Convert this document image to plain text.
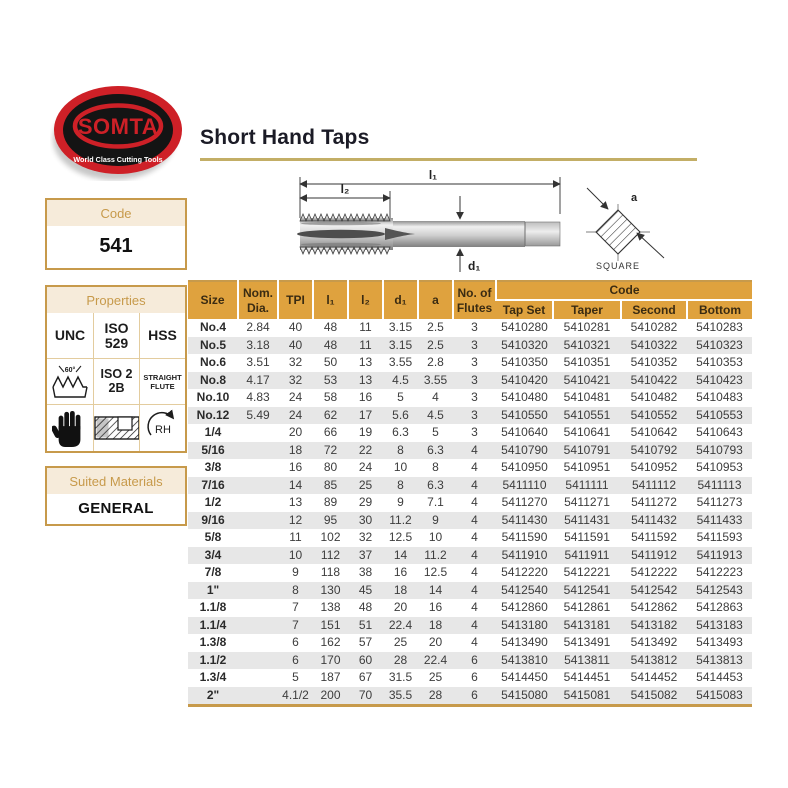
SOMTA
World Class Cutting Tools
Short Hand Taps
l₁
l₂
d₁
a
SQUARE
Code
541
Properties
UNC	ISO 529	HSS
60°	ISO 2 2B
STRAIGHT FLUTE
RH
Suited Materials
GENERAL
Size	Nom. Dia.	TPI	l₁	l₂	d₁	a	No. of Flutes	Code			
								Tap Set	Taper	Second	Bottom
No.4	2.84	40	48	11	3.15	2.5	3	5410280	5410281	5410282	5410283
No.5	3.18	40	48	11	3.15	2.5	3	5410320	5410321	5410322	5410323
No.6	3.51	32	50	13	3.55	2.8	3	5410350	5410351	5410352	5410353
No.8	4.17	32	53	13	4.5	3.55	3	5410420	5410421	5410422	5410423
No.10	4.83	24	58	16	5	4	3	5410480	5410481	5410482	5410483
No.12	5.49	24	62	17	5.6	4.5	3	5410550	5410551	5410552	5410553
1/4		20	66	19	6.3	5	3	5410640	5410641	5410642	5410643
5/16		18	72	22	8	6.3	4	5410790	5410791	5410792	5410793
3/8		16	80	24	10	8	4	5410950	5410951	5410952	5410953
7/16		14	85	25	8	6.3	4	5411110	5411111	5411112	5411113
1/2		13	89	29	9	7.1	4	5411270	5411271	5411272	5411273
9/16		12	95	30	11.2	9	4	5411430	5411431	5411432	5411433
5/8		11	102	32	12.5	10	4	5411590	5411591	5411592	5411593
3/4		10	112	37	14	11.2	4	5411910	5411911	5411912	5411913
7/8		9	118	38	16	12.5	4	5412220	5412221	5412222	5412223
1"		8	130	45	18	14	4	5412540	5412541	5412542	5412543
1.1/8		7	138	48	20	16	4	5412860	5412861	5412862	5412863
1.1/4		7	151	51	22.4	18	4	5413180	5413181	5413182	5413183
1.3/8		6	162	57	25	20	4	5413490	5413491	5413492	5413493
1.1/2		6	170	60	28	22.4	6	5413810	5413811	5413812	5413813
1.3/4		5	187	67	31.5	25	6	5414450	5414451	5414452	5414453
2"		4.1/2	200	70	35.5	28	6	5415080	5415081	5415082	5415083
